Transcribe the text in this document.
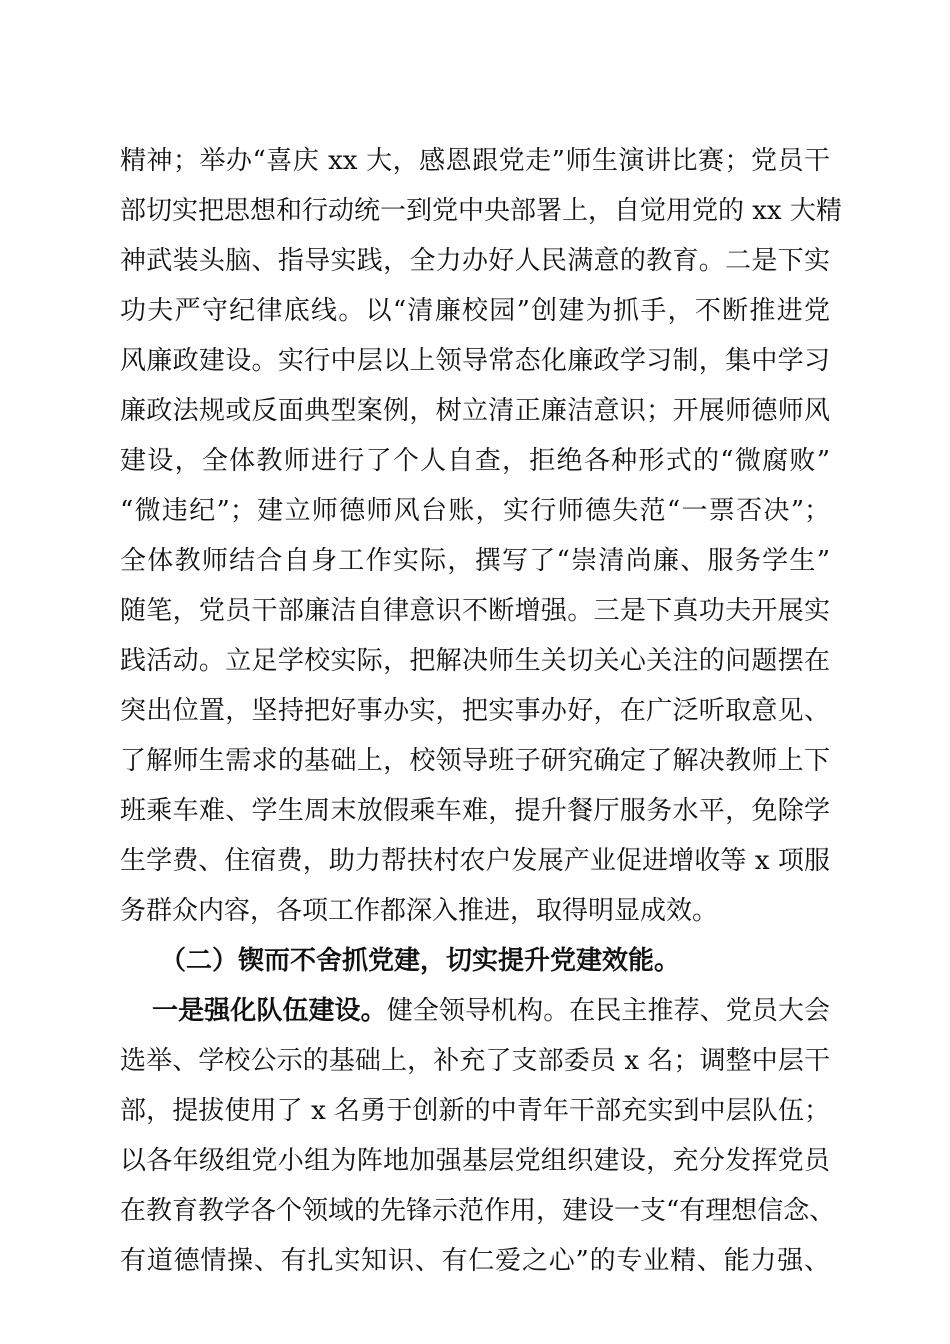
精神；举办“喜庆 xx 大，感恩跟党走”师生演讲比赛；党员干
部切实把思想和行动统一到党中央部署上，自觉用党的 xx 大精
神武装头脑、指导实践，全力办好人民满意的教育。二是下实
功夫严守纪律底线。以“清廉校园”创建为抓手，不断推进党
风廉政建设。实行中层以上领导常态化廉政学习制，集中学习
廉政法规或反面典型案例，树立清正廉洁意识；开展师德师风
建设，全体教师进行了个人自查，拒绝各种形式的“微腐败”
“微违纪”；建立师德师风台账，实行师德失范“一票否决”；
全体教师结合自身工作实际，撰写了“崇清尚廉、服务学生”
随笔，党员干部廉洁自律意识不断增强。三是下真功夫开展实
践活动。立足学校实际，把解决师生关切关心关注的问题摆在
突出位置，坚持把好事办实，把实事办好，在广泛听取意见、
了解师生需求的基础上，校领导班子研究确定了解决教师上下
班乘车难、学生周末放假乘车难，提升餐厅服务水平，免除学
生学费、住宿费，助力帮扶村农户发展产业促进增收等 x 项服
务群众内容，各项工作都深入推进，取得明显成效。
（二）锲而不舍抓党建，切实提升党建效能。
一是强化队伍建设。健全领导机构。在民主推荐、党员大会
选举、学校公示的基础上，补充了支部委员 x 名；调整中层干
部，提拔使用了 x 名勇于创新的中青年干部充实到中层队伍；
以各年级组党小组为阵地加强基层党组织建设，充分发挥党员
在教育教学各个领域的先锋示范作用，建设一支“有理想信念、
有道德情操、有扎实知识、有仁爱之心”的专业精、能力强、
